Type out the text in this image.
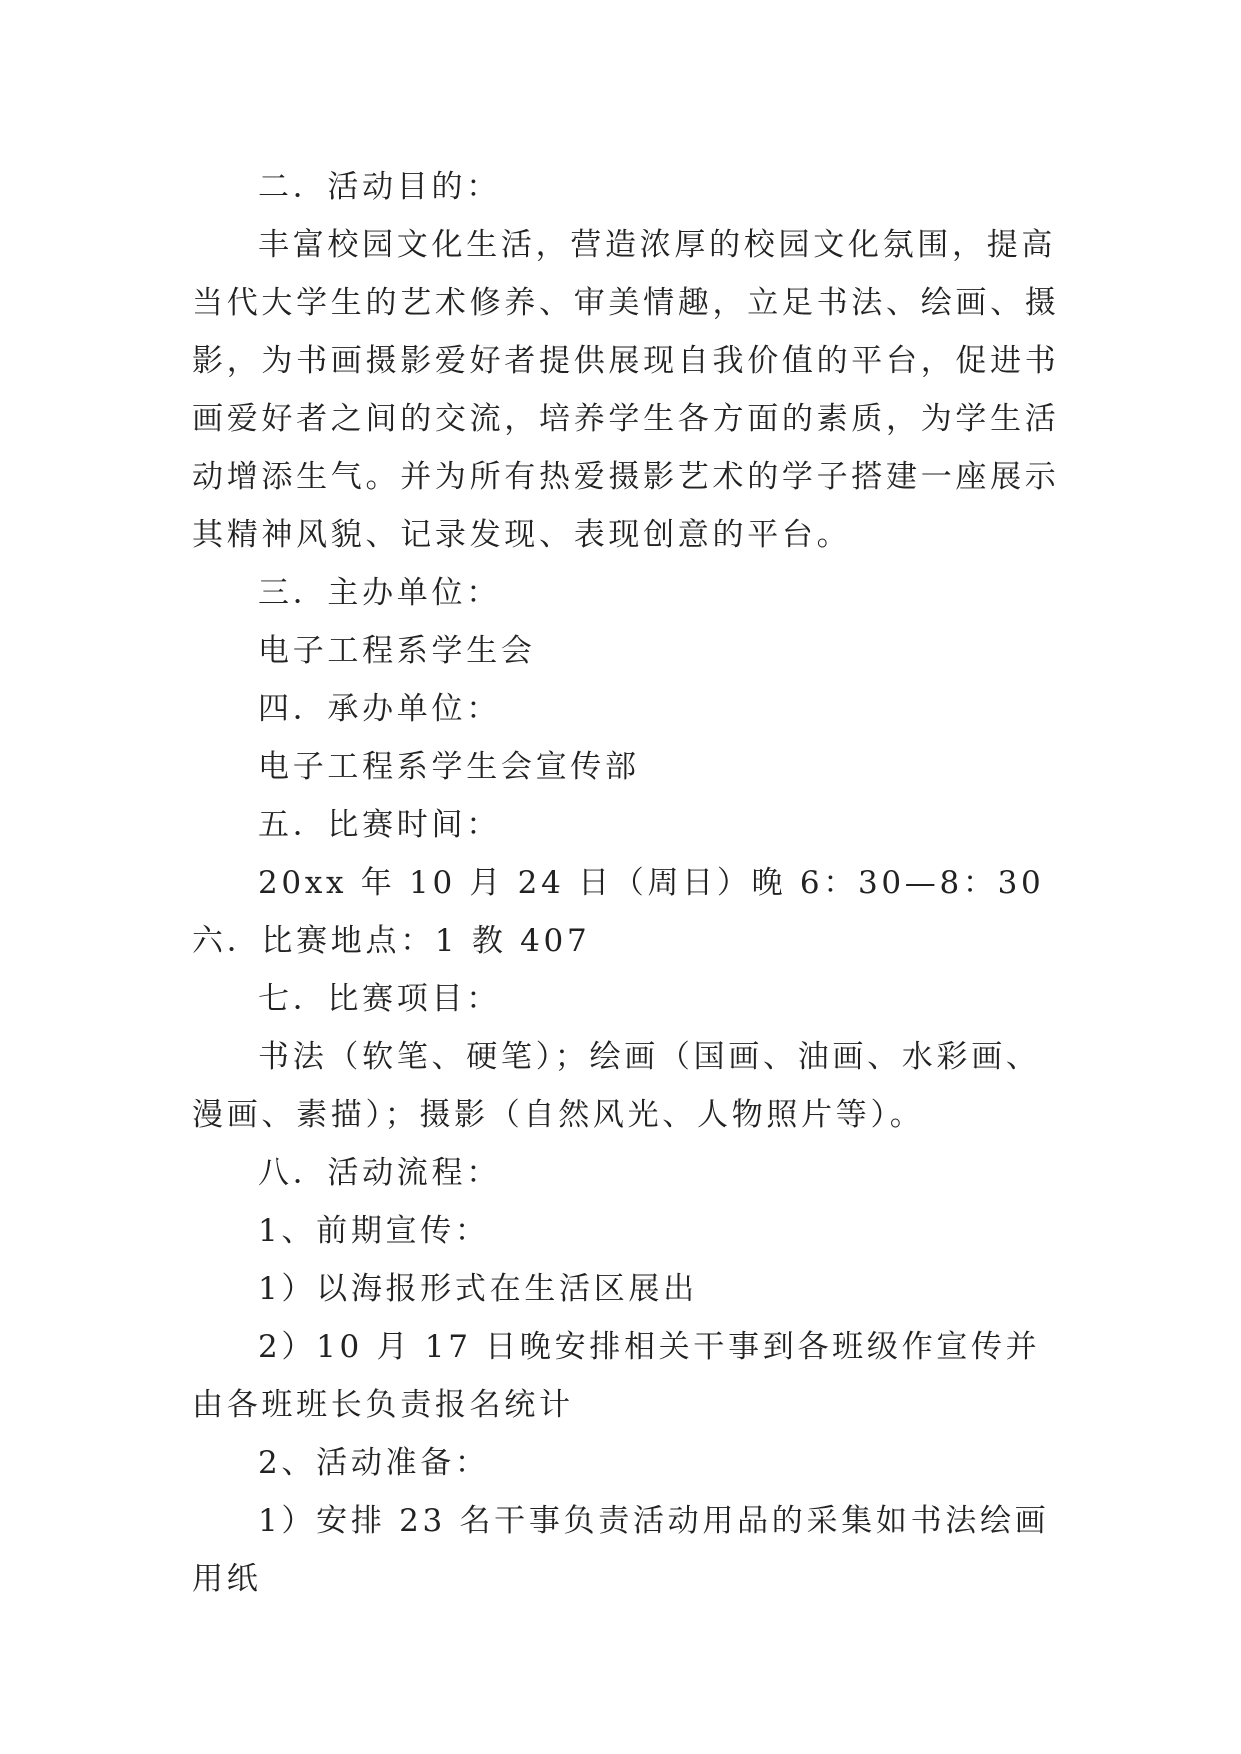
二．活动目的：

丰富校园文化生活，营造浓厚的校园文化氛围，提高当代大学生的艺术修养、审美情趣，立足书法、绘画、摄影，为书画摄影爱好者提供展现自我价值的平台，促进书画爱好者之间的交流，培养学生各方面的素质，为学生活动增添生气。并为所有热爱摄影艺术的学子搭建一座展示其精神风貌、记录发现、表现创意的平台。

三．主办单位：

电子工程系学生会

四．承办单位：

电子工程系学生会宣传部

五．比赛时间：

20xx 年 10 月 24 日（周日）晚 6：30—8：30 六．比赛地点：1 教 407

七．比赛项目：

书法（软笔、硬笔）；绘画（国画、油画、水彩画、漫画、素描）；摄影（自然风光、人物照片等）。

八．活动流程：

1、前期宣传：

1）以海报形式在生活区展出

2）10 月 17 日晚安排相关干事到各班级作宣传并由各班班长负责报名统计

2、活动准备：

1）安排 23 名干事负责活动用品的采集如书法绘画用纸
